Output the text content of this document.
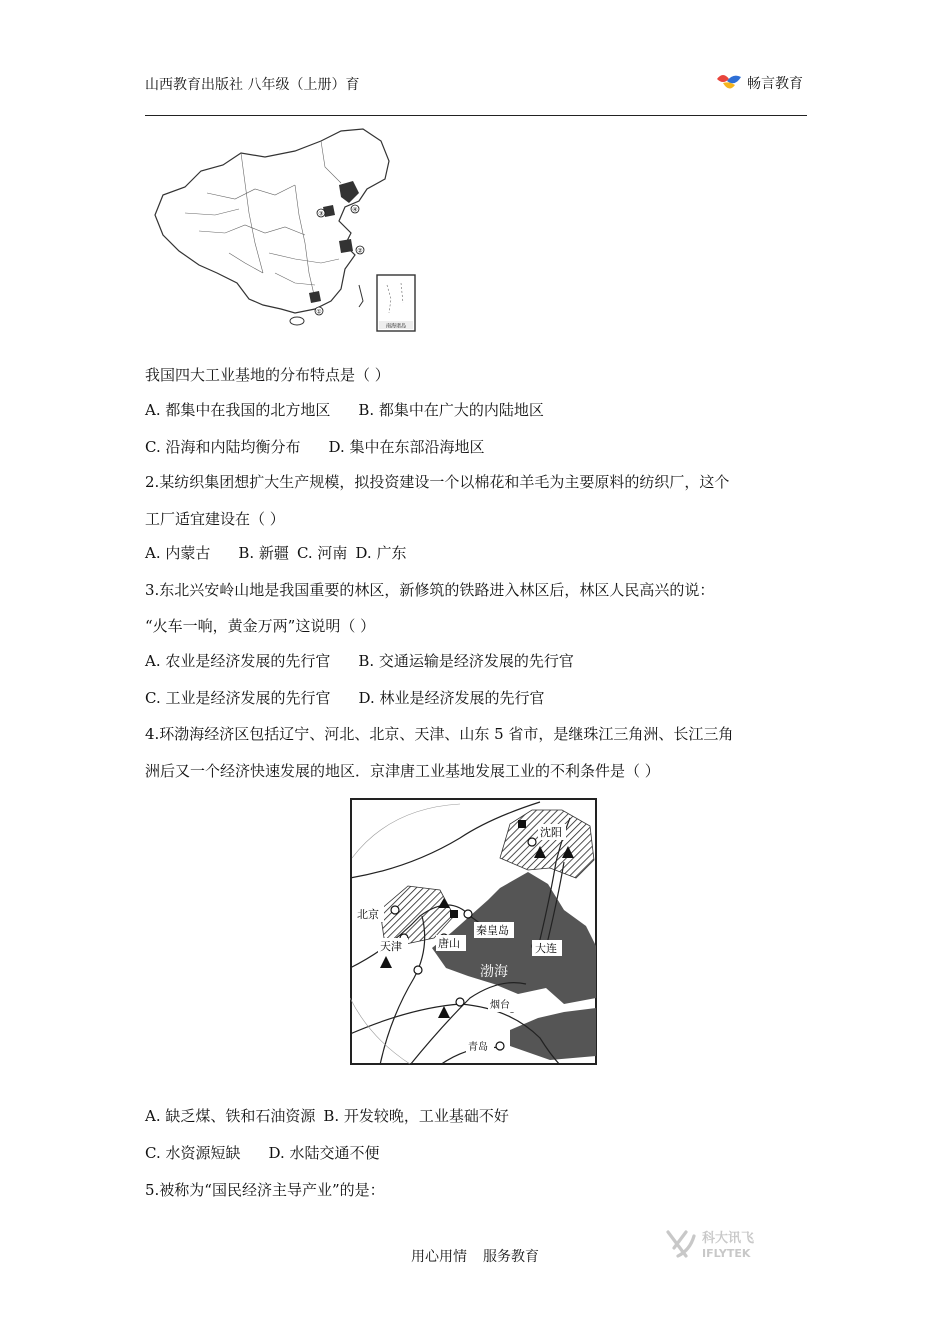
山西教育出版社 八年级（上册）育	畅言教育
①
②
③
④
南海诸岛
我国四大工业基地的分布特点是（ ）
A. 都集中在我国的北方地区 B. 都集中在广大的内陆地区
C. 沿海和内陆均衡分布 D. 集中在东部沿海地区
2.某纺织集团想扩大生产规模，拟投资建设一个以棉花和羊毛为主要原料的纺织厂，这个
工厂适宜建设在（ ）
A. 内蒙古 B. 新疆 C. 河南 D. 广东
3.东北兴安岭山地是我国重要的林区，新修筑的铁路进入林区后，林区人民高兴的说：
“火车一响，黄金万两”这说明（ ）
A. 农业是经济发展的先行官 B. 交通运输是经济发展的先行官
C. 工业是经济发展的先行官 D. 林业是经济发展的先行官
4.环渤海经济区包括辽宁、河北、北京、天津、山东 5 省市，是继珠江三角洲、长江三角
洲后又一个经济快速发展的地区．京津唐工业基地发展工业的不利条件是（ ）
沈阳
北京
天津	唐山
秦皇岛
大连
渤海
烟台
青岛
A. 缺乏煤、铁和石油资源 B. 开发较晚，工业基础不好
C. 水资源短缺 D. 水陆交通不便
5.被称为“国民经济主导产业”的是：
科大讯飞
IFLYTEK
用心用情 服务教育
